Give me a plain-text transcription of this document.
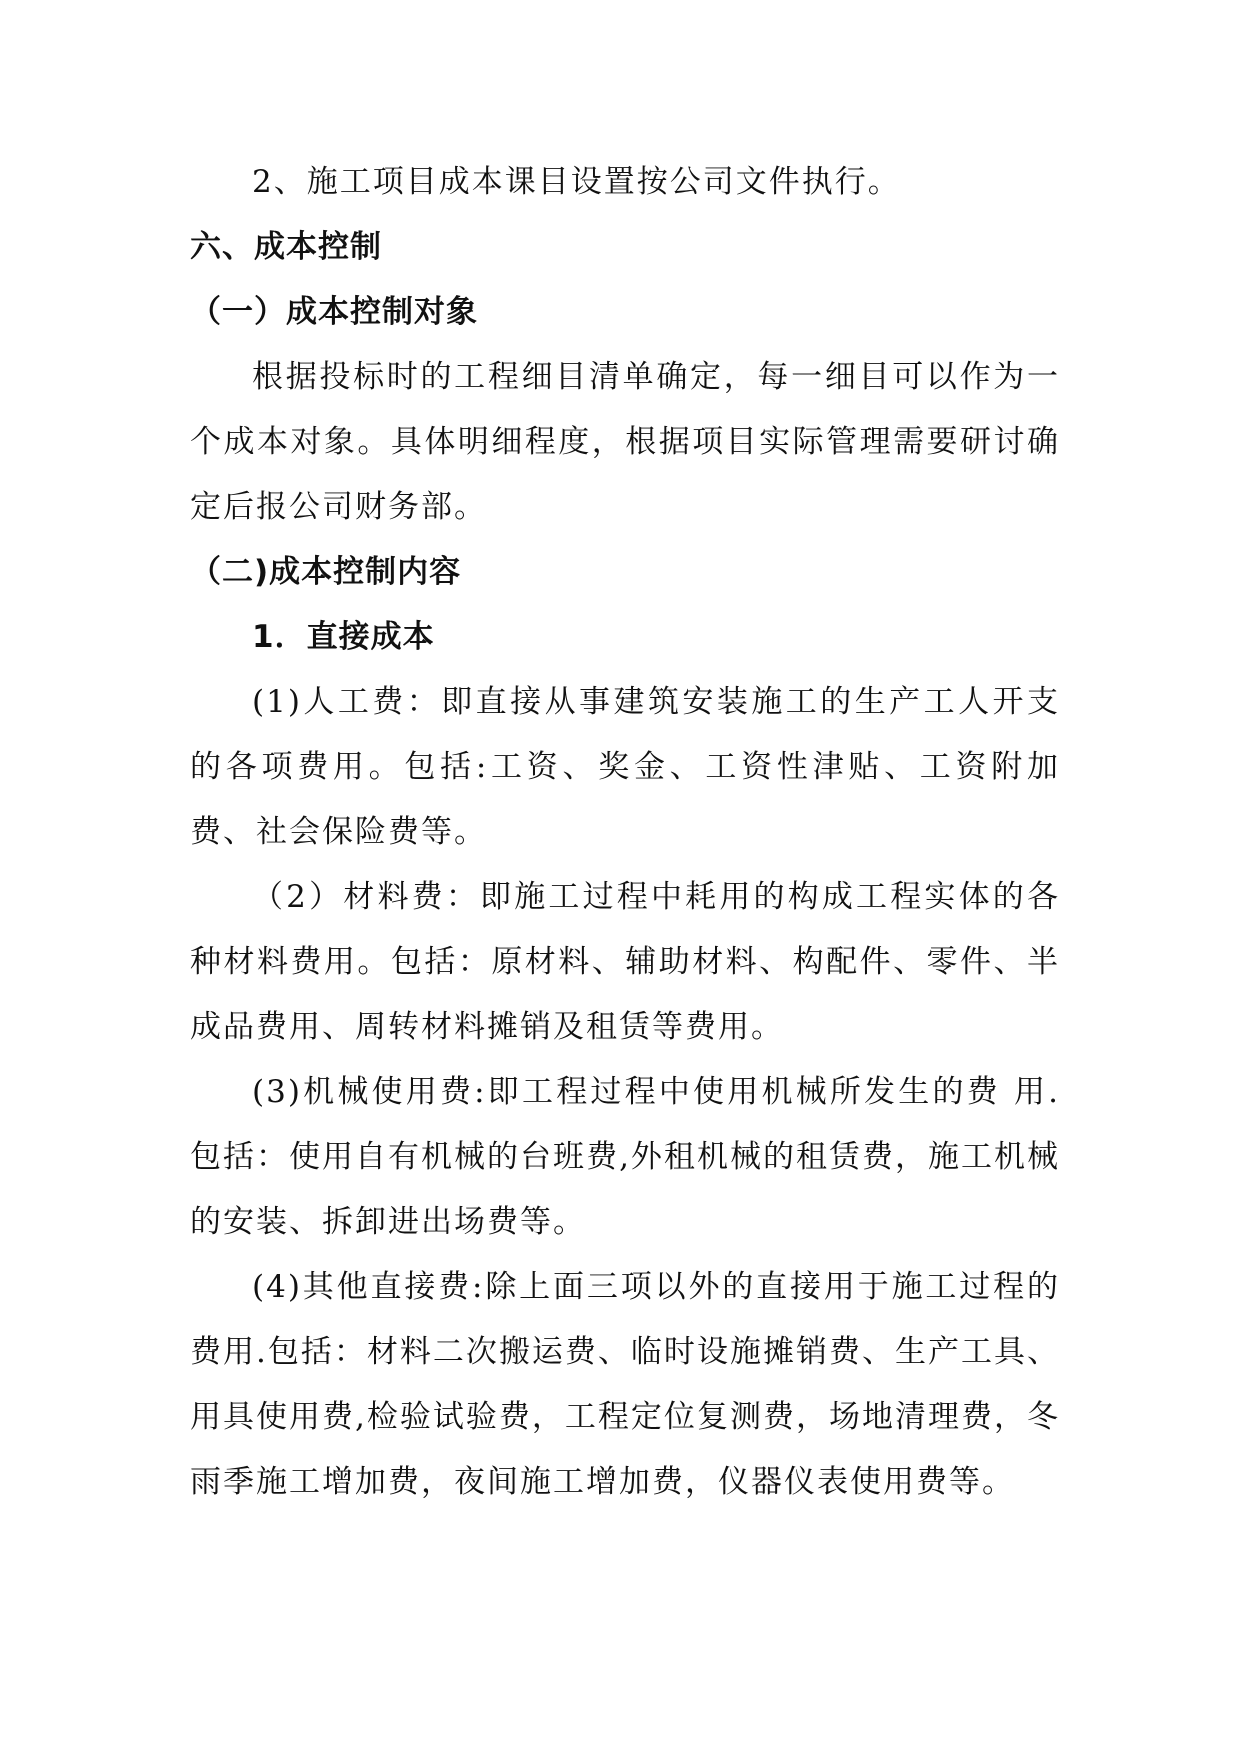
2、施工项目成本课目设置按公司文件执行。

六、成本控制

（一）成本控制对象

根据投标时的工程细目清单确定，每一细目可以作为一个成本对象。具体明细程度，根据项目实际管理需要研讨确定后报公司财务部。

（二)成本控制内容

1．直接成本

(1)人工费：即直接从事建筑安装施工的生产工人开支的各项费用。包括:工资、奖金、工资性津贴、工资附加费、社会保险费等。

（2）材料费：即施工过程中耗用的构成工程实体的各种材料费用。包括：原材料、辅助材料、构配件、零件、半成品费用、周转材料摊销及租赁等费用。

(3)机械使用费:即工程过程中使用机械所发生的费 用.包括：使用自有机械的台班费,外租机械的租赁费，施工机械的安装、拆卸进出场费等。

(4)其他直接费:除上面三项以外的直接用于施工过程的费用.包括：材料二次搬运费、临时设施摊销费、生产工具、用具使用费,检验试验费，工程定位复测费，场地清理费，冬雨季施工增加费，夜间施工增加费，仪器仪表使用费等。
